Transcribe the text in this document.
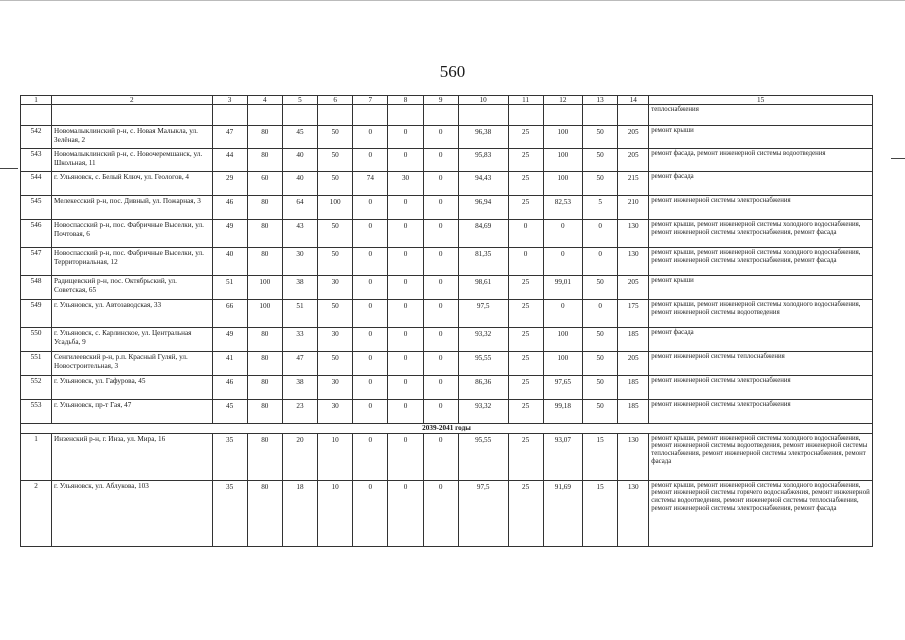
560
1	2	3	4	5	6	7	8	9	10	11	12	13	14	15
														теплоснабжения
542	Новомалыклинский р-н, с. Новая Малыкла, ул. Зелёная, 2	47	80	45	50	0	0	0	96,38	25	100	50	205	ремонт крыши
543	Новомалыклинский р-н, с. Новочеремшанск, ул. Школьная, 11	44	80	40	50	0	0	0	95,83	25	100	50	205	ремонт фасада, ремонт инженерной системы водоотведения
544	г. Ульяновск, с. Белый Ключ, ул. Геологов, 4	29	60	40	50	74	30	0	94,43	25	100	50	215	ремонт фасада
545	Мелекесский р-н, пос. Дивный, ул. Пожарная, 3	46	80	64	100	0	0	0	96,94	25	82,53	5	210	ремонт инженерной системы электроснабжения
546	Новоспасский р-н, пос. Фабричные Выселки, ул. Почтовая, 6	49	80	43	50	0	0	0	84,69	0	0	0	130	ремонт крыши, ремонт инженерной системы холодного водоснабжения, ремонт инженерной системы электроснабжения, ремонт фасада
547	Новоспасский р-н, пос. Фабричные Выселки, ул. Территориальная, 12	40	80	30	50	0	0	0	81,35	0	0	0	130	ремонт крыши, ремонт инженерной системы холодного водоснабжения, ремонт инженерной системы электроснабжения, ремонт фасада
548	Радищевский р-н, пос. Октябрьский, ул. Советская, 65	51	100	38	30	0	0	0	98,61	25	99,01	50	205	ремонт крыши
549	г. Ульяновск, ул. Автозаводская, 33	66	100	51	50	0	0	0	97,5	25	0	0	175	ремонт крыши, ремонт инженерной системы холодного водоснабжения, ремонт инженерной системы водоотведения
550	г. Ульяновск, с. Карлинское, ул. Центральная Усадьба, 9	49	80	33	30	0	0	0	93,32	25	100	50	185	ремонт фасада
551	Сенгилеевский р-н, р.п. Красный Гуляй, ул. Новостроительная, 3	41	80	47	50	0	0	0	95,55	25	100	50	205	ремонт инженерной системы теплоснабжения
552	г. Ульяновск, ул. Гафурова, 45	46	80	38	30	0	0	0	86,36	25	97,65	50	185	ремонт инженерной системы электроснабжения
553	г. Ульяновск, пр-т Гая, 47	45	80	23	30	0	0	0	93,32	25	99,18	50	185	ремонт инженерной системы электроснабжения
2039-2041 годы														
1	Инзенский р-н, г. Инза, ул. Мира, 16	35	80	20	10	0	0	0	95,55	25	93,07	15	130	ремонт крыши, ремонт инженерной системы холодного водоснабжения, ремонт инженерной системы водоотведения, ремонт инженерной системы теплоснабжения, ремонт инженерной системы электроснабжения, ремонт фасада
2	г. Ульяновск, ул. Аблукова, 103	35	80	18	10	0	0	0	97,5	25	91,69	15	130	ремонт крыши, ремонт инженерной системы холодного водоснабжения, ремонт инженерной системы горячего водоснабжения, ремонт инженерной системы водоотведения, ремонт инженерной системы теплоснабжения, ремонт инженерной системы электроснабжения, ремонт фасада
